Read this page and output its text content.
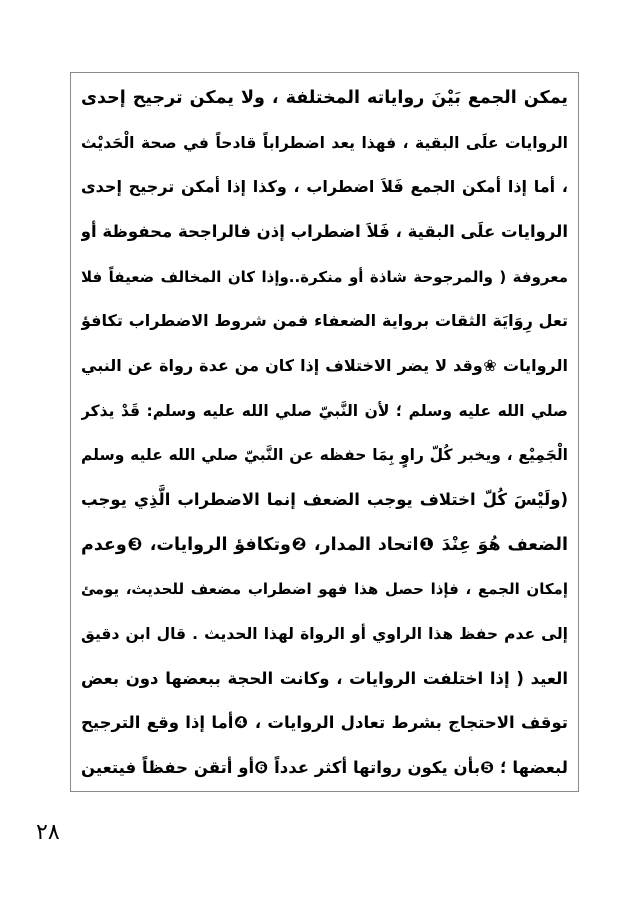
يمكن الجمع بَيْنَ رواياته المختلفة ، ولا يمكن ترجيح إحدى
الروايات علَى البقية ، فهذا يعد اضطراباً قادحاً في صحة الْحَديْث
، أما إذا أمكن الجمع فَلاَ اضطراب ، وكذا إذا أمكن ترجيح إحدى
الروايات علَى البقية ، فَلاَ اضطراب إذن فالراجحة محفوظة أو
معروفة ( والمرجوحة شاذة أو منكرة..وإذا كان المخالف ضعيفاً فلا
تعل رِوَايَة الثقات برواية الضعفاء فمن شروط الاضطراب تكافؤ
الروايات ❀وقد لا يضر الاختلاف إذا كان من عدة رواة عن النبي
صلي الله عليه وسلم ؛ لأن النَّبيّ صلي الله عليه وسلم: قَدْ يذكر
الْجَمِيْع ، ويخبر كُلّ راوٍ بِمَا حفظه عن النَّبيّ صلي الله عليه وسلم
(ولَيْسَ كُلّ اختلاف يوجب الضعف إنما الاضطراب الَّذِي يوجب
الضعف هُوَ عِنْدَ ❶اتحاد المدار، ❷وتكافؤ الروايات، ❸وعدم
إمكان الجمع ، فإذا حصل هذا فهو اضطراب مضعف للحديث، يومئ
إلى عدم حفظ هذا الراوي أو الرواة لهذا الحديث . قال ابن دقيق
العيد ( إذا اختلفت الروايات ، وكانت الحجة ببعضها دون بعض
توقف الاحتجاج بشرط تعادل الروايات ، ❹أما إذا وقع الترجيح
لبعضها ؛ ❺بأن يكون رواتها أكثر عدداً ❻أو أتقن حفظاً فيتعين
٢٨
